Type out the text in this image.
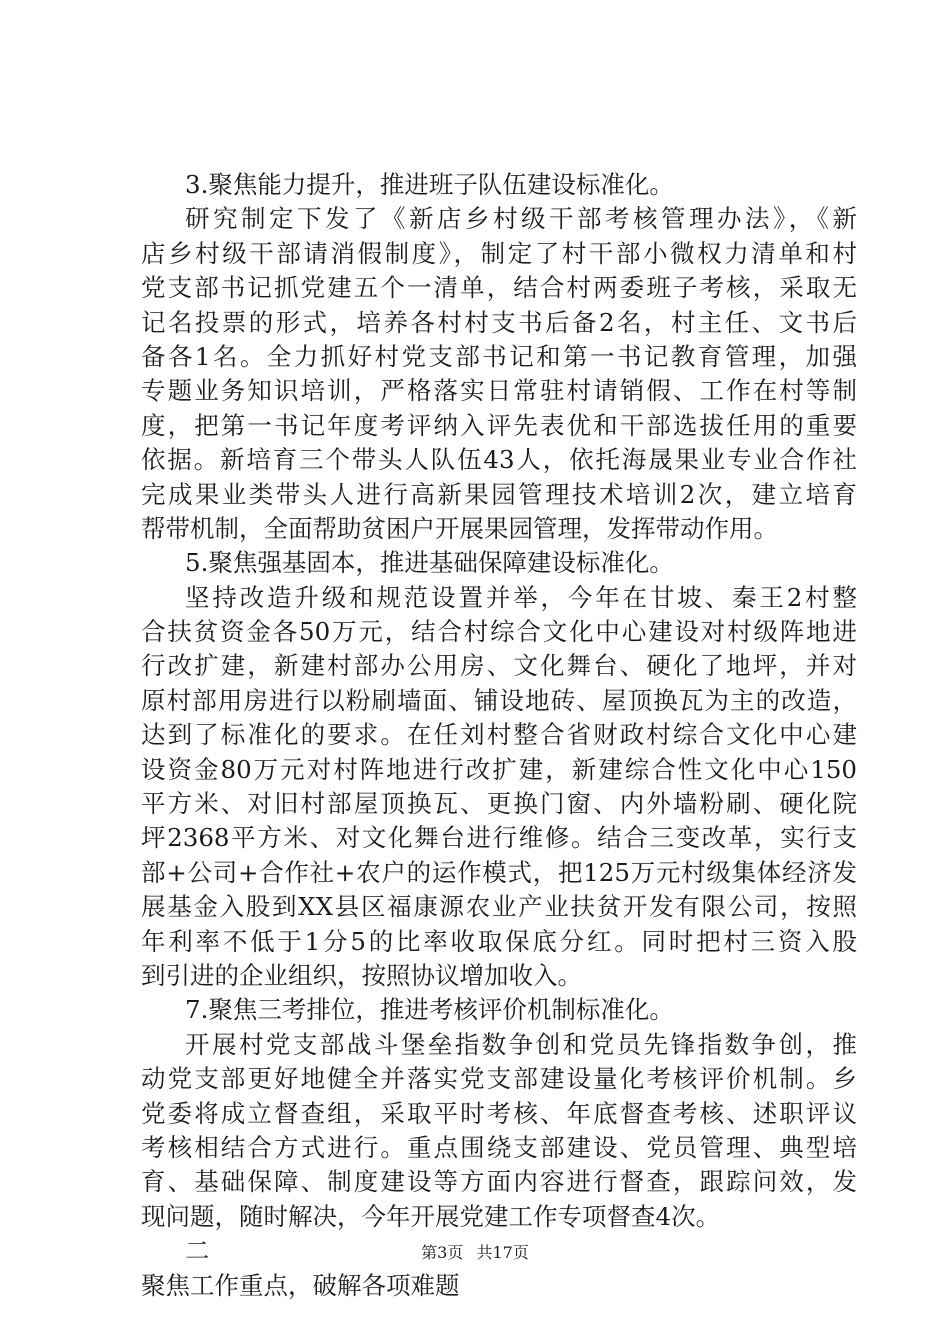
3.聚焦能力提升，推进班子队伍建设标准化。
研究制定下发了《新店乡村级干部考核管理办法》，《新
店乡村级干部请消假制度》，制定了村干部小微权力清单和村
党支部书记抓党建五个一清单，结合村两委班子考核，采取无
记名投票的形式，培养各村村支书后备2名，村主任、文书后
备各1名。全力抓好村党支部书记和第一书记教育管理，加强
专题业务知识培训，严格落实日常驻村请销假、工作在村等制
度，把第一书记年度考评纳入评先表优和干部选拔任用的重要
依据。新培育三个带头人队伍43人，依托海晟果业专业合作社
完成果业类带头人进行高新果园管理技术培训2次，建立培育
帮带机制，全面帮助贫困户开展果园管理，发挥带动作用。
5.聚焦强基固本，推进基础保障建设标准化。
坚持改造升级和规范设置并举，今年在甘坡、秦王2村整
合扶贫资金各50万元，结合村综合文化中心建设对村级阵地进
行改扩建，新建村部办公用房、文化舞台、硬化了地坪，并对
原村部用房进行以粉刷墙面、铺设地砖、屋顶换瓦为主的改造，
达到了标准化的要求。在任刘村整合省财政村综合文化中心建
设资金80万元对村阵地进行改扩建，新建综合性文化中心150
平方米、对旧村部屋顶换瓦、更换门窗、内外墙粉刷、硬化院
坪2368平方米、对文化舞台进行维修。结合三变改革，实行支
部+公司+合作社+农户的运作模式，把125万元村级集体经济发
展基金入股到XX县区福康源农业产业扶贫开发有限公司，按照
年利率不低于1分5的比率收取保底分红。同时把村三资入股
到引进的企业组织，按照协议增加收入。
7.聚焦三考排位，推进考核评价机制标准化。
开展村党支部战斗堡垒指数争创和党员先锋指数争创，推
动党支部更好地健全并落实党支部建设量化考核评价机制。乡
党委将成立督查组，采取平时考核、年底督查考核、述职评议
考核相结合方式进行。重点围绕支部建设、党员管理、典型培
育、基础保障、制度建设等方面内容进行督查，跟踪问效，发
现问题，随时解决，今年开展党建工作专项督查4次。
二
聚焦工作重点，破解各项难题
第3页 共17页
